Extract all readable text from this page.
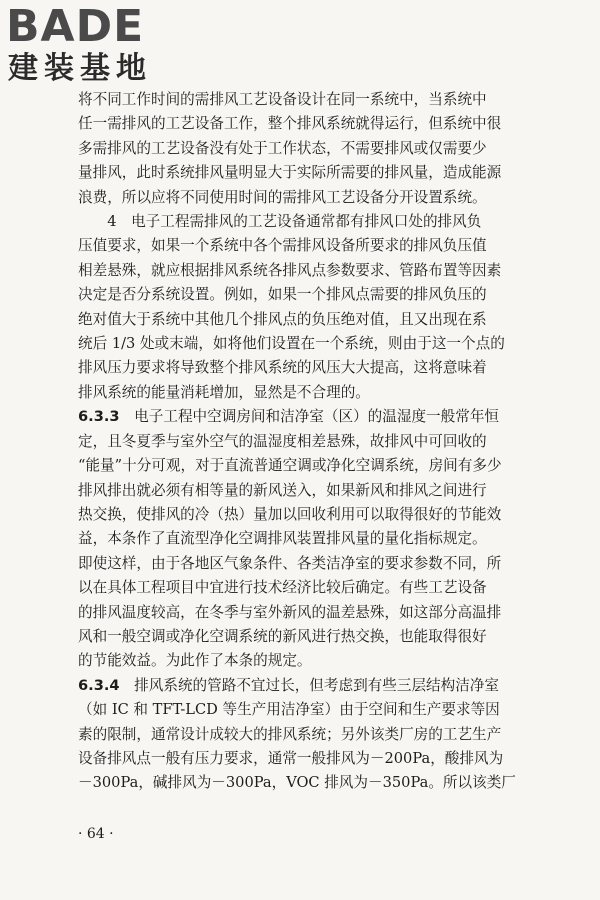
BADE
建装基地
将不同工作时间的需排风工艺设备设计在同一系统中，当系统中
任一需排风的工艺设备工作，整个排风系统就得运行，但系统中很
多需排风的工艺设备没有处于工作状态，不需要排风或仅需要少
量排风，此时系统排风量明显大于实际所需要的排风量，造成能源
浪费，所以应将不同使用时间的需排风工艺设备分开设置系统。
　　4　电子工程需排风的工艺设备通常都有排风口处的排风负
压值要求，如果一个系统中各个需排风设备所要求的排风负压值
相差悬殊，就应根据排风系统各排风点参数要求、管路布置等因素
决定是否分系统设置。例如，如果一个排风点需要的排风负压的
绝对值大于系统中其他几个排风点的负压绝对值，且又出现在系
统后 1/3 处或末端，如将他们设置在一个系统，则由于这一个点的
排风压力要求将导致整个排风系统的风压大大提高，这将意味着
排风系统的能量消耗增加，显然是不合理的。
6.3.3　电子工程中空调房间和洁净室（区）的温湿度一般常年恒
定，且冬夏季与室外空气的温湿度相差悬殊，故排风中可回收的
“能量”十分可观，对于直流普通空调或净化空调系统，房间有多少
排风排出就必须有相等量的新风送入，如果新风和排风之间进行
热交换，使排风的冷（热）量加以回收利用可以取得很好的节能效
益，本条作了直流型净化空调排风装置排风量的量化指标规定。
即使这样，由于各地区气象条件、各类洁净室的要求参数不同，所
以在具体工程项目中宜进行技术经济比较后确定。有些工艺设备
的排风温度较高，在冬季与室外新风的温差悬殊，如这部分高温排
风和一般空调或净化空调系统的新风进行热交换，也能取得很好
的节能效益。为此作了本条的规定。
6.3.4　排风系统的管路不宜过长，但考虑到有些三层结构洁净室
（如 IC 和 TFT-LCD 等生产用洁净室）由于空间和生产要求等因
素的限制，通常设计成较大的排风系统；另外该类厂房的工艺生产
设备排风点一般有压力要求，通常一般排风为－200Pa，酸排风为
－300Pa，碱排风为－300Pa，VOC 排风为－350Pa。所以该类厂
· 64 ·
